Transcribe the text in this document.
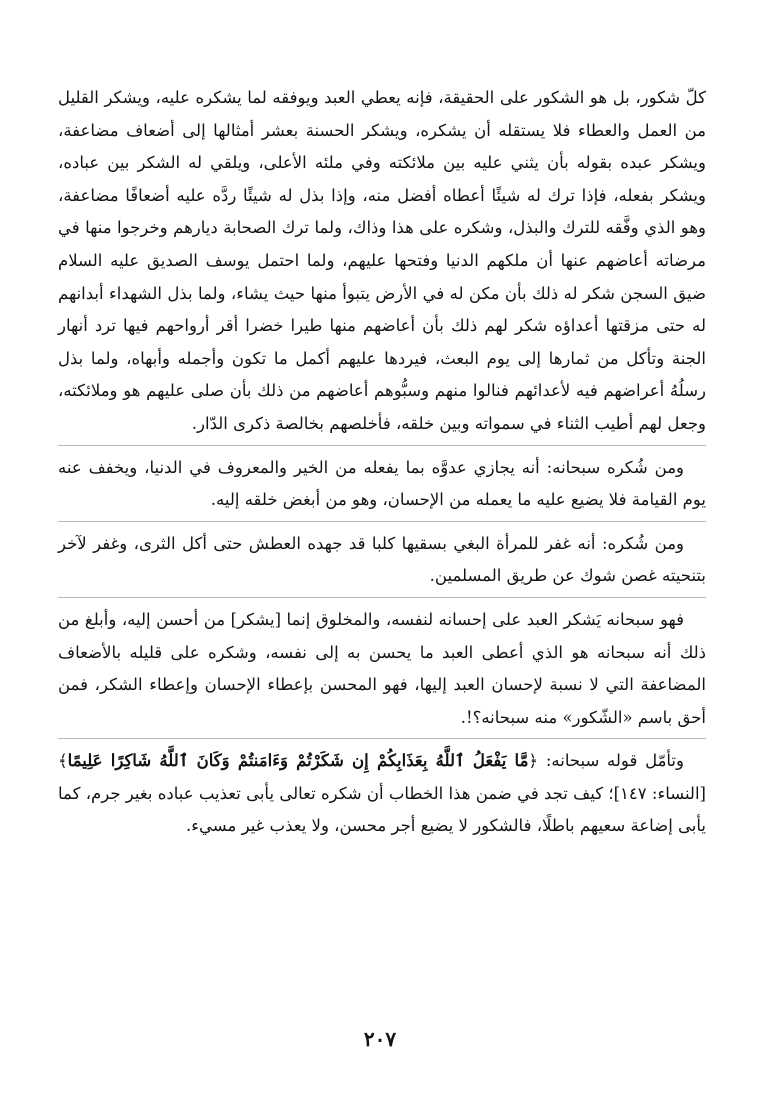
كلّ شكور، بل هو الشكور على الحقيقة، فإنه يعطي العبد ويوفقه لما يشكره عليه، ويشكر القليل من العمل والعطاء فلا يستقله أن يشكره، ويشكر الحسنة بعشر أمثالها إلى أضعاف مضاعفة، ويشكر عبده بقوله بأن يثني عليه بين ملائكته وفي ملئه الأعلى، ويلقي له الشكر بين عباده، ويشكر بفعله، فإذا ترك له شيئًا أعطاه أفضل منه، وإذا بذل له شيئًا ردَّه عليه أضعافًا مضاعفة، وهو الذي وفَّقه للترك والبذل، وشكره على هذا وذاك، ولما ترك الصحابة ديارهم وخرجوا منها في مرضاته أعاضهم عنها أن ملكهم الدنيا وفتحها عليهم، ولما احتمل يوسف الصديق عليه السلام ضيق السجن شكر له ذلك بأن مكن له في الأرض يتبوأ منها حيث يشاء، ولما بذل الشهداء أبدانهم له حتى مزقتها أعداؤه شكر لهم ذلك بأن أعاضهم منها طيرا خضرا أقر أرواحهم فيها ترد أنهار الجنة وتأكل من ثمارها إلى يوم البعث، فيردها عليهم أكمل ما تكون وأجمله وأبهاه، ولما بذل رسلُهُ أعراضهم فيه لأعدائهم فنالوا منهم وسبُّوهم أعاضهم من ذلك بأن صلى عليهم هو وملائكته، وجعل لهم أطيب الثناء في سمواته وبين خلقه، فأخلصهم بخالصة ذكرى الدّار.

ومن شُكره سبحانه: أنه يجازي عدوَّه بما يفعله من الخير والمعروف في الدنيا، ويخفف عنه يوم القيامة فلا يضيع عليه ما يعمله من الإحسان، وهو من أبغض خلقه إليه.

ومن شُكره: أنه غفر للمرأة البغي بسقيها كلبا قد جهده العطش حتى أكل الثرى، وغفر لآخر بتنحيته غصن شوك عن طريق المسلمين.

فهو سبحانه يَشكر العبد على إحسانه لنفسه، والمخلوق إنما [يشكر] من أحسن إليه، وأبلغ من ذلك أنه سبحانه هو الذي أعطى العبد ما يحسن به إلى نفسه، وشكره على قليله بالأضعاف المضاعفة التي لا نسبة لإحسان العبد إليها، فهو المحسن بإعطاء الإحسان وإعطاء الشكر، فمن أحق باسم «الشّكور» منه سبحانه؟!.

وتأمّل قوله سبحانه: ﴿مَّا يَفْعَلُ ٱللَّهُ بِعَذَابِكُمْ إِن شَكَرْتُمْ وَءَامَنتُمْ وَكَانَ ٱللَّهُ شَاكِرًا عَلِيمًا﴾ [النساء: ١٤٧]؛ كيف تجد في ضمن هذا الخطاب أن شكره تعالى يأبى تعذيب عباده بغير جرم، كما يأبى إضاعة سعيهم باطلًا، فالشكور لا يضيع أجر محسن، ولا يعذب غير مسيء.

٢٠٧
